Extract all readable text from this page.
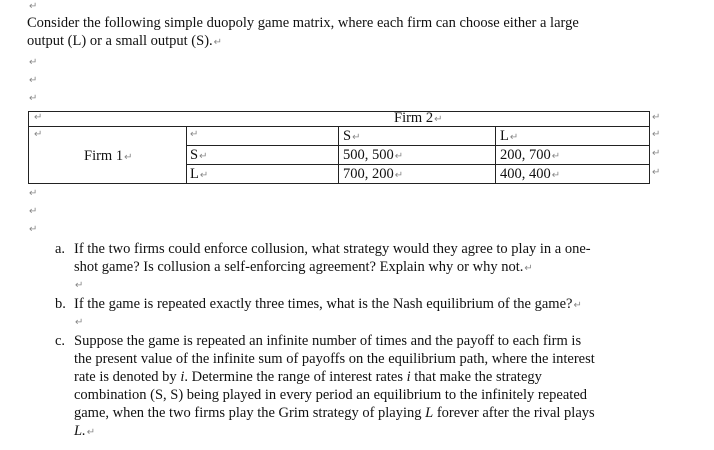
↵
Consider the following simple duopoly game matrix, where each firm can choose either a large
output (L) or a small output (S).↵
↵
↵
↵
↵	Firm 2↵	↵
↵
Firm 1↵
↵	S↵	L↵	↵
S↵	500, 500↵	200, 700↵	↵
L↵	700, 200↵	400, 400↵	↵
↵
↵
↵
a. If the two firms could enforce collusion, what strategy would they agree to play in a one-
shot game? Is collusion a self-enforcing agreement? Explain why or why not.↵
↵
b. If the game is repeated exactly three times, what is the Nash equilibrium of the game?↵
↵
c. Suppose the game is repeated an infinite number of times and the payoff to each firm is
the present value of the infinite sum of payoffs on the equilibrium path, where the interest
rate is denoted by i. Determine the range of interest rates i that make the strategy
combination (S, S) being played in every period an equilibrium to the infinitely repeated
game, when the two firms play the Grim strategy of playing L forever after the rival plays
L.↵
